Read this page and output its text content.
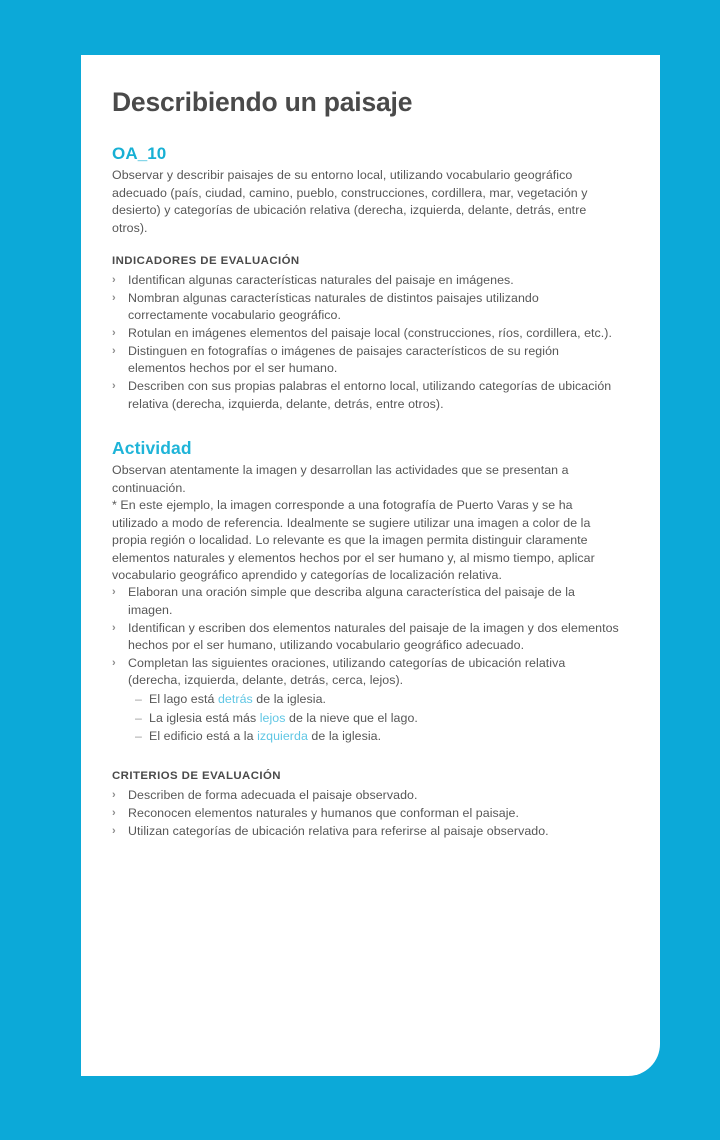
Describiendo un paisaje
OA_10

Observar y describir paisajes de su entorno local, utilizando vocabulario geográfico adecuado (país, ciudad, camino, pueblo, construcciones, cordillera, mar, vegetación y desierto) y categorías de ubicación relativa (derecha, izquierda, delante, detrás, entre otros).

INDICADORES DE EVALUACIÓN
› Identifican algunas características naturales del paisaje en imágenes.
› Nombran algunas características naturales de distintos paisajes utilizando correctamente vocabulario geográfico.
› Rotulan en imágenes elementos del paisaje local (construcciones, ríos, cordillera, etc.).
› Distinguen en fotografías o imágenes de paisajes característicos de su región elementos hechos por el ser humano.
› Describen con sus propias palabras el entorno local, utilizando categorías de ubicación relativa (derecha, izquierda, delante, detrás, entre otros).
Actividad

Observan atentamente la imagen y desarrollan las actividades que se presentan a continuación.

* En este ejemplo, la imagen corresponde a una fotografía de Puerto Varas y se ha utilizado a modo de referencia. Idealmente se sugiere utilizar una imagen a color de la propia región o localidad. Lo relevante es que la imagen permita distinguir claramente elementos naturales y elementos hechos por el ser humano y, al mismo tiempo, aplicar vocabulario geográfico aprendido y categorías de localización relativa.

› Elaboran una oración simple que describa alguna característica del paisaje de la imagen.
› Identifican y escriben dos elementos naturales del paisaje de la imagen y dos elementos hechos por el ser humano, utilizando vocabulario geográfico adecuado.
› Completan las siguientes oraciones, utilizando categorías de ubicación relativa (derecha, izquierda, delante, detrás, cerca, lejos).
– El lago está detrás de la iglesia.
– La iglesia está más lejos de la nieve que el lago.
– El edificio está a la izquierda de la iglesia.
CRITERIOS DE EVALUACIÓN
› Describen de forma adecuada el paisaje observado.
› Reconocen elementos naturales y humanos que conforman el paisaje.
› Utilizan categorías de ubicación relativa para referirse al paisaje observado.
